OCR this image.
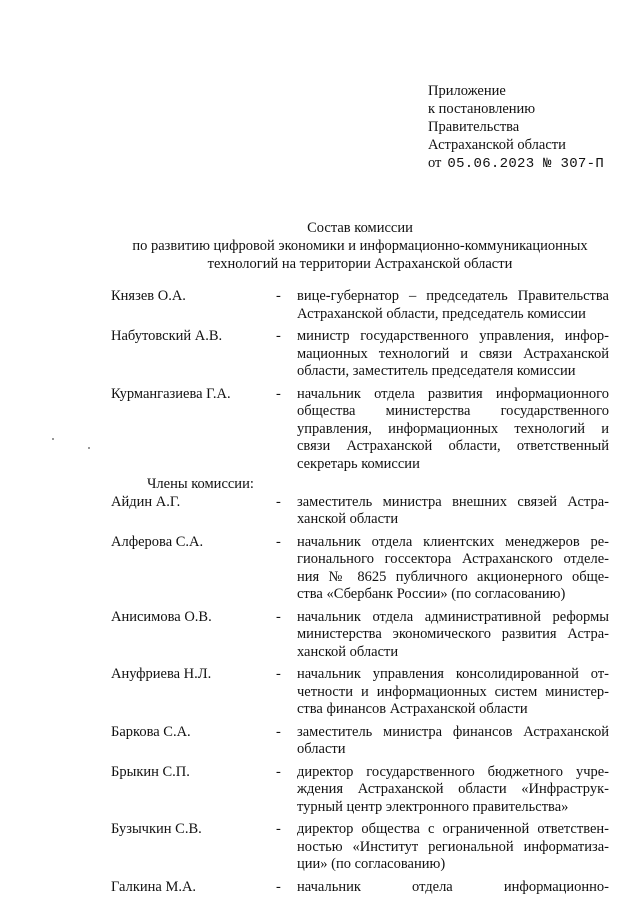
Приложение
к постановлению
Правительства
Астраханской области
от 05.06.2023 № 307-П
Состав комиссии
по развитию цифровой экономики и информационно-коммуникационных
технологий на территории Астраханской области
Князев О.А.	- вице-губернатор – председатель Правительства
Астраханской области, председатель комиссии
Набутовский А.В.	- министр государственного управления, инфор-
мационных технологий и связи Астраханской
области, заместитель председателя комиссии
Курмангазиева Г.А.	- начальник отдела развития информационного
общества министерства государственного
управления, информационных технологий и
связи Астраханской области, ответственный
секретарь комиссии
Члены комиссии:
Айдин А.Г.	- заместитель министра внешних связей Астра-
ханской области
Алферова С.А.	- начальник отдела клиентских менеджеров ре-
гионального госсектора Астраханского отделе-
ния № 8625 публичного акционерного обще-
ства «Сбербанк России» (по согласованию)
Анисимова О.В.	- начальник отдела административной реформы
министерства экономического развития Астра-
ханской области
Ануфриева Н.Л.	- начальник управления консолидированной от-
четности и информационных систем министер-
ства финансов Астраханской области
Баркова С.А.	- заместитель министра финансов Астраханской
области
Брыкин С.П.	- директор государственного бюджетного учре-
ждения Астраханской области «Инфраструк-
турный центр электронного правительства»
Бузычкин С.В.	- директор общества с ограниченной ответствен-
ностью «Институт региональной информатиза-
ции» (по согласованию)
Галкина М.А.	- начальник отдела информационно-
